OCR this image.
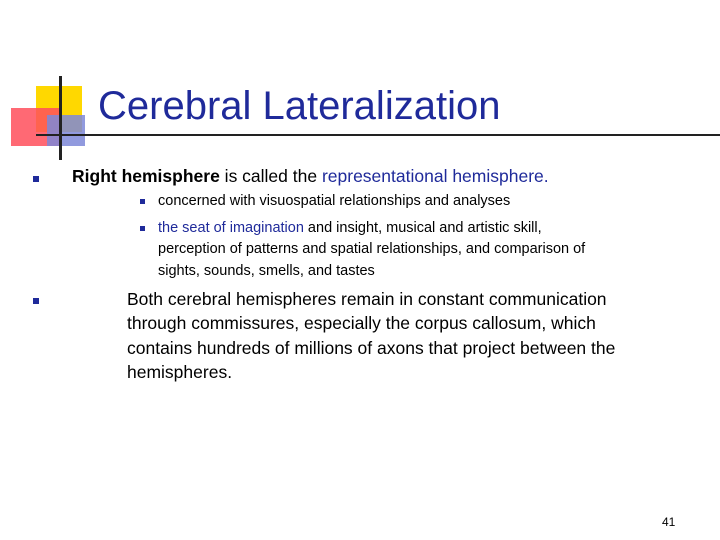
Cerebral Lateralization

Right hemisphere is called the representational hemisphere.

concerned with visuospatial relationships and analyses

the seat of imagination and insight, musical and artistic skill,

perception of patterns and spatial relationships, and comparison of

sights, sounds, smells, and tastes

Both cerebral hemispheres remain in constant communication

through commissures, especially the corpus callosum, which

contains hundreds of millions of axons that project between the

hemispheres.

41
